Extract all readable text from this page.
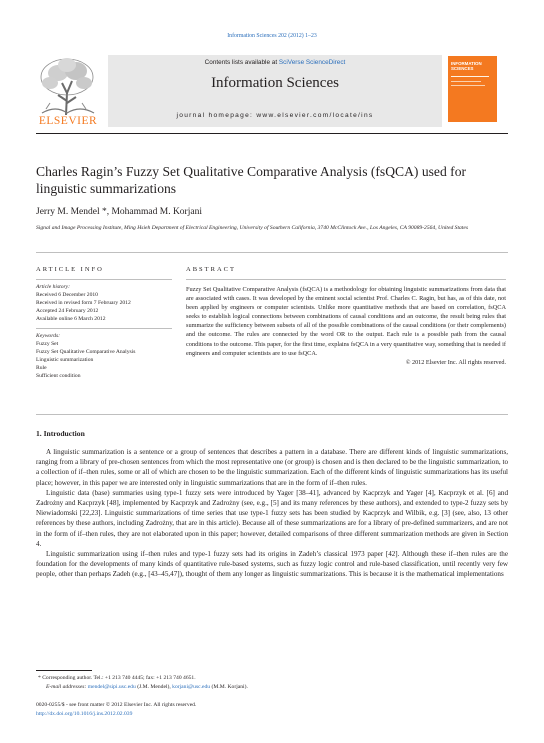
Information Sciences 202 (2012) 1–23
ELSEVIER
Contents lists available at SciVerse ScienceDirect
Information Sciences
journal homepage: www.elsevier.com/locate/ins
INFORMATION SCIENCES
Charles Ragin’s Fuzzy Set Qualitative Comparative Analysis (fsQCA) used for linguistic summarizations
Jerry M. Mendel *, Mohammad M. Korjani
Signal and Image Processing Institute, Ming Hsieh Department of Electrical Engineering, University of Southern California, 3740 McClintock Ave., Los Angeles, CA 90089-2564, United States
ARTICLE INFO
Article history:
Received 6 December 2010
Received in revised form 7 February 2012
Accepted 24 February 2012
Available online 6 March 2012
Keywords:
Fuzzy Set
Fuzzy Set Qualitative Comparative Analysis
Linguistic summarization
Rule
Sufficient condition
ABSTRACT
Fuzzy Set Qualitative Comparative Analysis (fsQCA) is a methodology for obtaining linguistic summarizations from data that are associated with cases. It was developed by the eminent social scientist Prof. Charles C. Ragin, but has, as of this date, not been applied by engineers or computer scientists. Unlike more quantitative methods that are based on correlation, fsQCA seeks to establish logical connections between combinations of causal conditions and an outcome, the result being rules that summarize the sufficiency between subsets of all of the possible combinations of the causal conditions (or their complements) and the outcome. The rules are connected by the word OR to the output. Each rule is a possible path from the causal conditions to the outcome. This paper, for the first time, explains fsQCA in a very quantitative way, something that is needed if engineers and computer scientists are to use fsQCA.
© 2012 Elsevier Inc. All rights reserved.
1. Introduction

A linguistic summarization is a sentence or a group of sentences that describes a pattern in a database. There are different kinds of linguistic summarizations, ranging from a library of pre-chosen sentences from which the most representative one (or group) is chosen and is then declared to be the linguistic summarization, to a collection of if–then rules, some or all of which are chosen to be the linguistic summarization. Each of the different kinds of linguistic summarizations has its useful place; however, in this paper we are interested only in linguistic summarizations that are in the form of if–then rules.

Linguistic data (base) summaries using type-1 fuzzy sets were introduced by Yager [38–41], advanced by Kacprzyk and Yager [4], Kacprzyk et al. [6] and Zadrożny and Kacprzyk [48], implemented by Kacprzyk and Zadrożny (see, e.g., [5] and its many references by these authors), and extended to type-2 fuzzy sets by Niewiadomski [22,23]. Linguistic summarizations of time series that use type-1 fuzzy sets has been studied by Kacprzyk and Wilbik, e.g. [3] (see, also, 13 other references by these authors, including Zadrożny, that are in this article). Because all of these summarizations are for a library of pre-defined summarizers, and are not in the form of if–then rules, they are not elaborated upon in this paper; however, detailed comparisons of three different summarization methods are given in Section 4.

Linguistic summarization using if–then rules and type-1 fuzzy sets had its origins in Zadeh’s classical 1973 paper [42]. Although these if–then rules are the foundation for the developments of many kinds of quantitative rule-based systems, such as fuzzy logic control and rule-based classification, until recently very few people, other than perhaps Zadeh (e.g., [43–45,47]), thought of them any longer as linguistic summarizations. This is because it is the mathematical implementations

* Corresponding author. Tel.: +1 213 740 4445; fax: +1 213 740 4651.
E-mail addresses: mendel@sipi.usc.edu (J.M. Mendel), korjani@usc.edu (M.M. Korjani).
0020-0255/$ - see front matter © 2012 Elsevier Inc. All rights reserved.
http://dx.doi.org/10.1016/j.ins.2012.02.039
